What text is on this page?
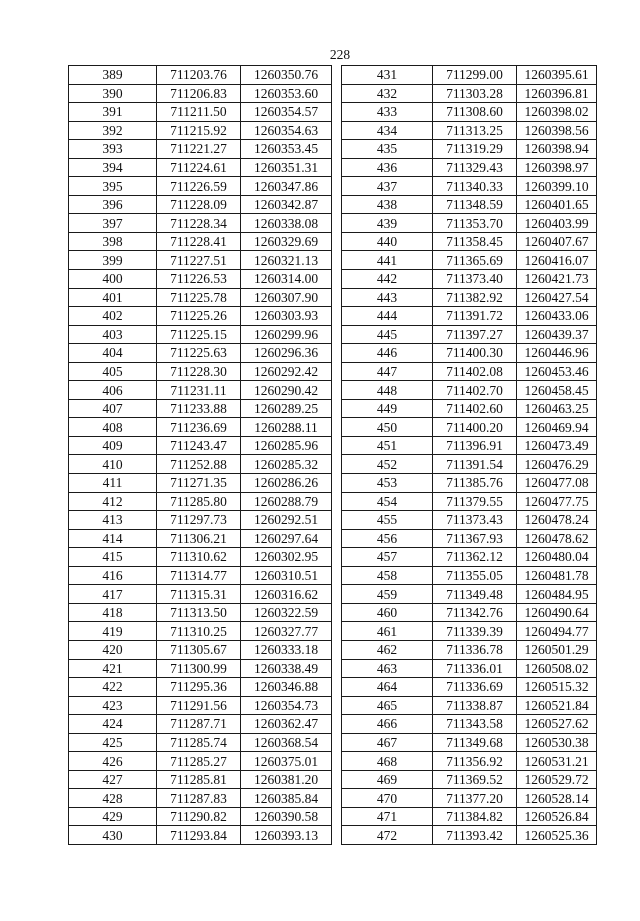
228
389	711203.76	1260350.76
390	711206.83	1260353.60
391	711211.50	1260354.57
392	711215.92	1260354.63
393	711221.27	1260353.45
394	711224.61	1260351.31
395	711226.59	1260347.86
396	711228.09	1260342.87
397	711228.34	1260338.08
398	711228.41	1260329.69
399	711227.51	1260321.13
400	711226.53	1260314.00
401	711225.78	1260307.90
402	711225.26	1260303.93
403	711225.15	1260299.96
404	711225.63	1260296.36
405	711228.30	1260292.42
406	711231.11	1260290.42
407	711233.88	1260289.25
408	711236.69	1260288.11
409	711243.47	1260285.96
410	711252.88	1260285.32
411	711271.35	1260286.26
412	711285.80	1260288.79
413	711297.73	1260292.51
414	711306.21	1260297.64
415	711310.62	1260302.95
416	711314.77	1260310.51
417	711315.31	1260316.62
418	711313.50	1260322.59
419	711310.25	1260327.77
420	711305.67	1260333.18
421	711300.99	1260338.49
422	711295.36	1260346.88
423	711291.56	1260354.73
424	711287.71	1260362.47
425	711285.74	1260368.54
426	711285.27	1260375.01
427	711285.81	1260381.20
428	711287.83	1260385.84
429	711290.82	1260390.58
430	711293.84	1260393.13
431	711299.00	1260395.61
432	711303.28	1260396.81
433	711308.60	1260398.02
434	711313.25	1260398.56
435	711319.29	1260398.94
436	711329.43	1260398.97
437	711340.33	1260399.10
438	711348.59	1260401.65
439	711353.70	1260403.99
440	711358.45	1260407.67
441	711365.69	1260416.07
442	711373.40	1260421.73
443	711382.92	1260427.54
444	711391.72	1260433.06
445	711397.27	1260439.37
446	711400.30	1260446.96
447	711402.08	1260453.46
448	711402.70	1260458.45
449	711402.60	1260463.25
450	711400.20	1260469.94
451	711396.91	1260473.49
452	711391.54	1260476.29
453	711385.76	1260477.08
454	711379.55	1260477.75
455	711373.43	1260478.24
456	711367.93	1260478.62
457	711362.12	1260480.04
458	711355.05	1260481.78
459	711349.48	1260484.95
460	711342.76	1260490.64
461	711339.39	1260494.77
462	711336.78	1260501.29
463	711336.01	1260508.02
464	711336.69	1260515.32
465	711338.87	1260521.84
466	711343.58	1260527.62
467	711349.68	1260530.38
468	711356.92	1260531.21
469	711369.52	1260529.72
470	711377.20	1260528.14
471	711384.82	1260526.84
472	711393.42	1260525.36
